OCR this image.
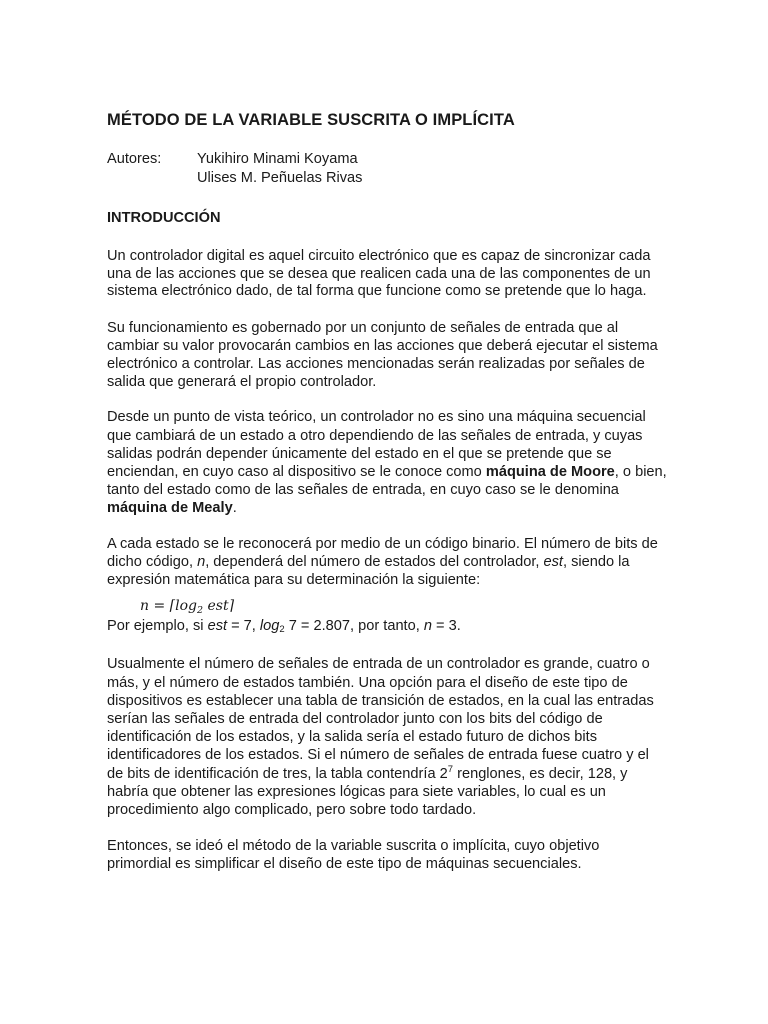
MÉTODO DE LA VARIABLE SUSCRITA O IMPLÍCITA
Autores:	Yukihiro Minami Koyama
Ulises M. Peñuelas Rivas
INTRODUCCIÓN

Un controlador digital es aquel circuito electrónico que es capaz de sincronizar cada una de las acciones que se desea que realicen cada una de las componentes de un sistema electrónico dado, de tal forma que funcione como se pretende que lo haga.

Su funcionamiento es gobernado por un conjunto de señales de entrada que al cambiar su valor provocarán cambios en las acciones que deberá ejecutar el sistema electrónico a controlar. Las acciones mencionadas serán realizadas por señales de salida que generará el propio controlador.

Desde un punto de vista teórico, un controlador no es sino una máquina secuencial que cambiará de un estado a otro dependiendo de las señales de entrada, y cuyas salidas podrán depender únicamente del estado en el que se pretende que se enciendan, en cuyo caso al dispositivo se le conoce como máquina de Moore, o bien, tanto del estado como de las señales de entrada, en cuyo caso se le denomina máquina de Mealy.

A cada estado se le reconocerá por medio de un código binario. El número de bits de dicho código, n, dependerá del número de estados del controlador, est, siendo la expresión matemática para su determinación la siguiente:

$n = ⌈\log_2$ est⌉

Por ejemplo, si est = 7, $\log_2 7 = 2.807$, por tanto, n = 3.

Usualmente el número de señales de entrada de un controlador es grande, cuatro o más, y el número de estados también. Una opción para el diseño de este tipo de dispositivos es establecer una tabla de transición de estados, en la cual las entradas serían las señales de entrada del controlador junto con los bits del código de identificación de los estados, y la salida sería el estado futuro de dichos bits identificadores de los estados. Si el número de señales de entrada fuese cuatro y el de bits de identificación de tres, la tabla contendría $2^7$ renglones, es decir, 128, y habría que obtener las expresiones lógicas para siete variables, lo cual es un procedimiento algo complicado, pero sobre todo tardado.

Entonces, se ideó el método de la variable suscrita o implícita, cuyo objetivo primordial es simplificar el diseño de este tipo de máquinas secuenciales.
